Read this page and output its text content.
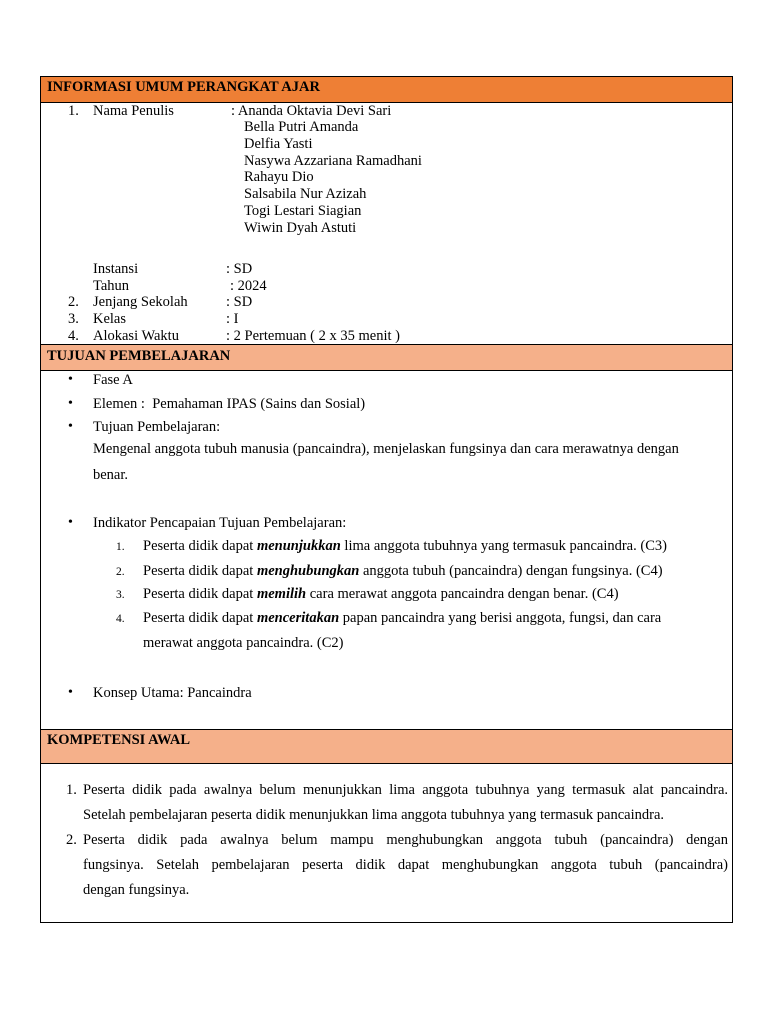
INFORMASI UMUM PERANGKAT AJAR
1. Nama Penulis	: Ananda Oktavia Devi Sari
Bella Putri Amanda
Delfia Yasti
Nasywa Azzariana Ramadhani
Rahayu Dio
Salsabila Nur Azizah
Togi Lestari Siagian
Wiwin Dyah Astuti
Instansi	: SD
Tahun	: 2024
2. Jenjang Sekolah	: SD
3. Kelas	: I
4. Alokasi Waktu	: 2 Pertemuan ( 2 x 35 menit )
TUJUAN PEMBELAJARAN
• Fase A
• Elemen :  Pemahaman IPAS (Sains dan Sosial)
• Tujuan Pembelajaran:
Mengenal anggota tubuh manusia (pancaindra), menjelaskan fungsinya dan cara merawatnya dengan
benar.
• Indikator Pencapaian Tujuan Pembelajaran:
1. Peserta didik dapat menunjukkan lima anggota tubuhnya yang termasuk pancaindra. (C3)
2. Peserta didik dapat menghubungkan anggota tubuh (pancaindra) dengan fungsinya. (C4)
3. Peserta didik dapat memilih cara merawat anggota pancaindra dengan benar. (C4)
4. Peserta didik dapat menceritakan papan pancaindra yang berisi anggota, fungsi, dan cara
merawat anggota pancaindra. (C2)
• Konsep Utama: Pancaindra
KOMPETENSI AWAL
1. Peserta didik pada awalnya belum menunjukkan lima anggota tubuhnya yang termasuk alat pancaindra.
Setelah pembelajaran peserta didik menunjukkan lima anggota tubuhnya yang termasuk pancaindra.
2. Peserta didik pada awalnya belum mampu menghubungkan anggota tubuh (pancaindra) dengan
fungsinya. Setelah pembelajaran peserta didik dapat menghubungkan anggota tubuh (pancaindra)
dengan fungsinya.
